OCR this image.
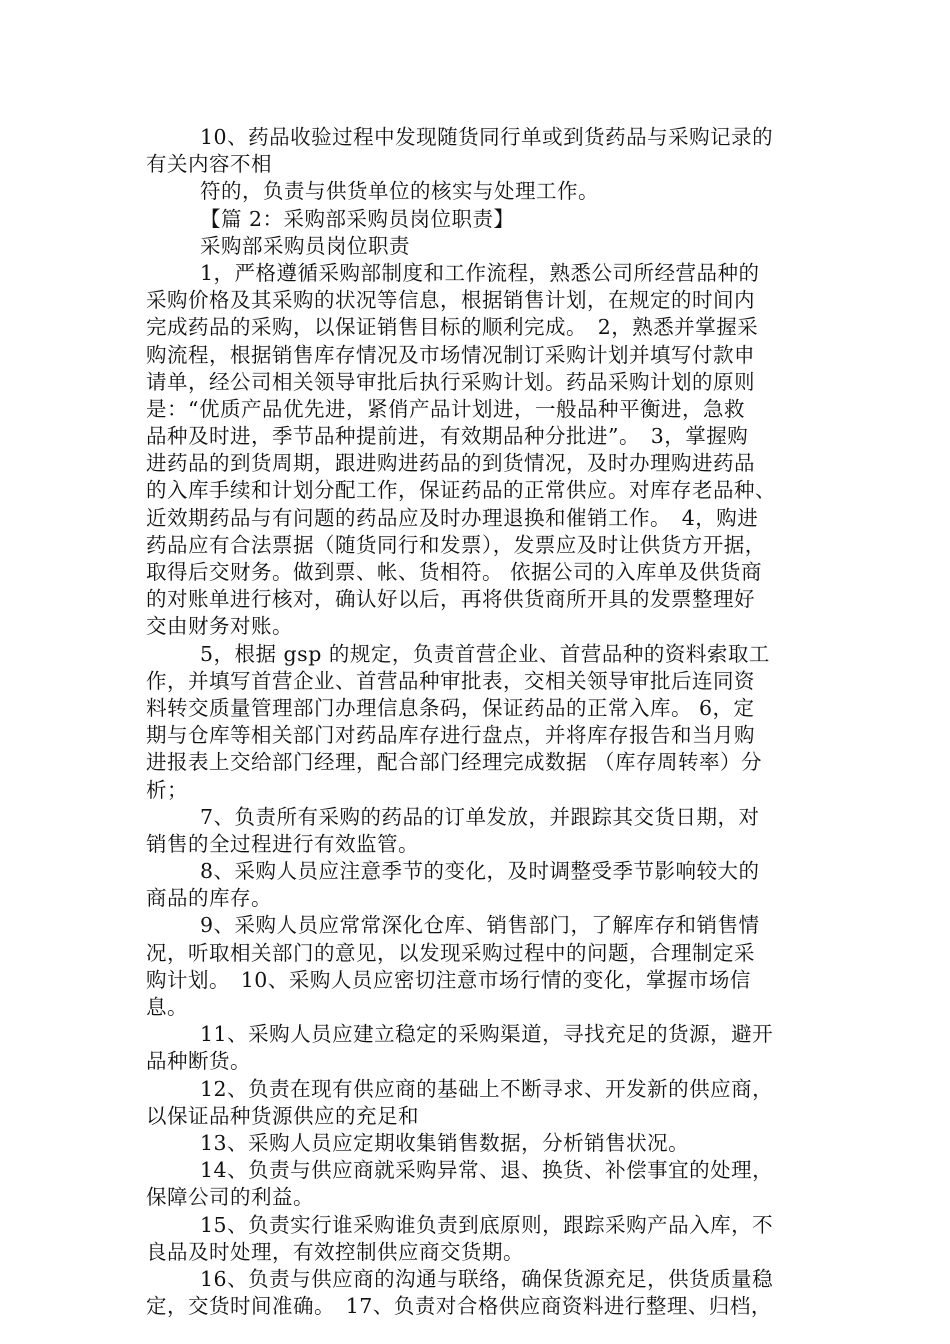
10、药品收验过程中发现随货同行单或到货药品与采购记录的
有关内容不相
符的，负责与供货单位的核实与处理工作。
【篇 2：采购部采购员岗位职责】
采购部采购员岗位职责
1，严格遵循采购部制度和工作流程，熟悉公司所经营品种的
采购价格及其采购的状况等信息，根据销售计划，在规定的时间内
完成药品的采购，以保证销售目标的顺利完成。　2，熟悉并掌握采
购流程，根据销售库存情况及市场情况制订采购计划并填写付款申
请单，经公司相关领导审批后执行采购计划。药品采购计划的原则
是：“优质产品优先进，紧俏产品计划进，一般品种平衡进，急救
品种及时进，季节品种提前进，有效期品种分批进”。　3，掌握购
进药品的到货周期，跟进购进药品的到货情况，及时办理购进药品
的入库手续和计划分配工作，保证药品的正常供应。对库存老品种、
近效期药品与有问题的药品应及时办理退换和催销工作。　4，购进
药品应有合法票据（随货同行和发票），发票应及时让供货方开据，
取得后交财务。做到票、帐、货相符。 依据公司的入库单及供货商
的对账单进行核对，确认好以后，再将供货商所开具的发票整理好
交由财务对账。
5，根据 gsp 的规定，负责首营企业、首营品种的资料索取工
作，并填写首营企业、首营品种审批表，交相关领导审批后连同资
料转交质量管理部门办理信息条码，保证药品的正常入库。 6，定
期与仓库等相关部门对药品库存进行盘点，并将库存报告和当月购
进报表上交给部门经理，配合部门经理完成数据 （库存周转率）分
析；
7、负责所有采购的药品的订单发放，并跟踪其交货日期，对
销售的全过程进行有效监管。
8、采购人员应注意季节的变化，及时调整受季节影响较大的
商品的库存。
9、采购人员应常常深化仓库、销售部门，了解库存和销售情
况，听取相关部门的意见，以发现采购过程中的问题，合理制定采
购计划。　10、采购人员应密切注意市场行情的变化，掌握市场信
息。
11、采购人员应建立稳定的采购渠道，寻找充足的货源，避开
品种断货。
12、负责在现有供应商的基础上不断寻求、开发新的供应商，
以保证品种货源供应的充足和
13、采购人员应定期收集销售数据，分析销售状况。
14、负责与供应商就采购异常、退、换货、补偿事宜的处理，
保障公司的利益。
15、负责实行谁采购谁负责到底原则，跟踪采购产品入库，不
良品及时处理，有效控制供应商交货期。
16、负责与供应商的沟通与联络，确保货源充足，供货质量稳
定，交货时间准确。　17、负责对合格供应商资料进行整理、归档，
